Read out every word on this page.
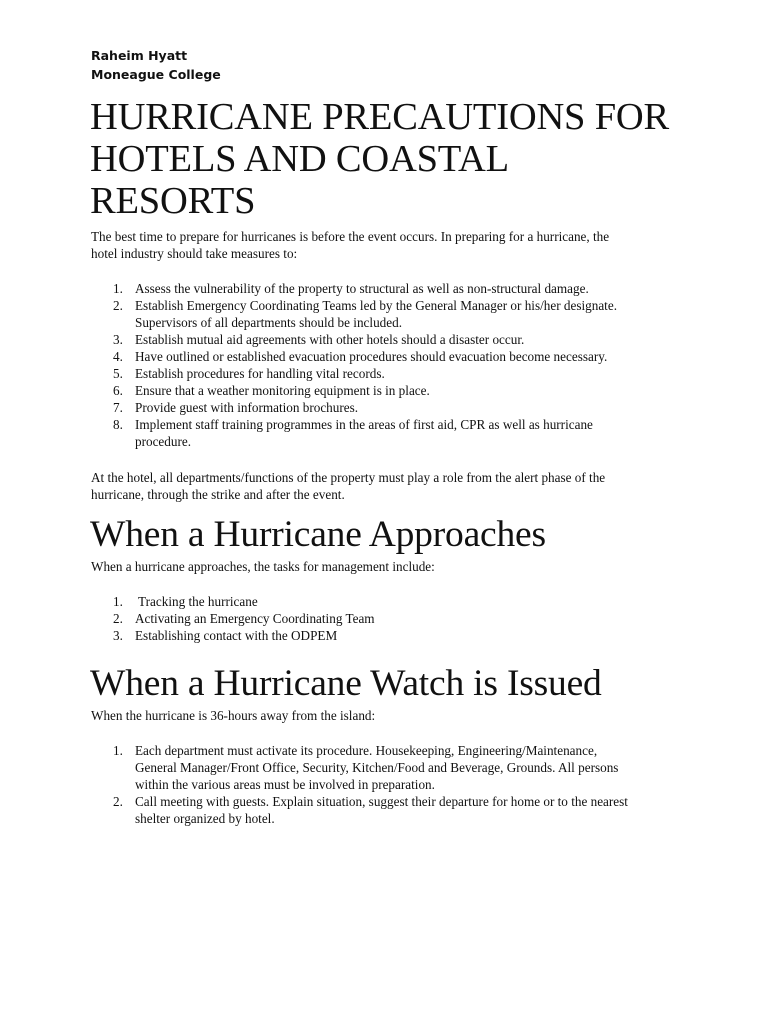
Raheim Hyatt
Moneague College
HURRICANE PRECAUTIONS FOR
HOTELS AND COASTAL
RESORTS

The best time to prepare for hurricanes is before the event occurs. In preparing for a hurricane, the
hotel industry should take measures to:

1. Assess the vulnerability of the property to structural as well as non-structural damage.
2. Establish Emergency Coordinating Teams led by the General Manager or his/her designate.
Supervisors of all departments should be included.
3. Establish mutual aid agreements with other hotels should a disaster occur.
4. Have outlined or established evacuation procedures should evacuation become necessary.
5. Establish procedures for handling vital records.
6. Ensure that a weather monitoring equipment is in place.
7. Provide guest with information brochures.
8. Implement staff training programmes in the areas of first aid, CPR as well as hurricane
procedure.

At the hotel, all departments/functions of the property must play a role from the alert phase of the
hurricane, through the strike and after the event.

When a Hurricane Approaches

When a hurricane approaches, the tasks for management include:

1. Tracking the hurricane
2. Activating an Emergency Coordinating Team
3. Establishing contact with the ODPEM
When a Hurricane Watch is Issued

When the hurricane is 36-hours away from the island:

1. Each department must activate its procedure. Housekeeping, Engineering/Maintenance,
General Manager/Front Office, Security, Kitchen/Food and Beverage, Grounds. All persons
within the various areas must be involved in preparation.
2. Call meeting with guests. Explain situation, suggest their departure for home or to the nearest
shelter organized by hotel.
